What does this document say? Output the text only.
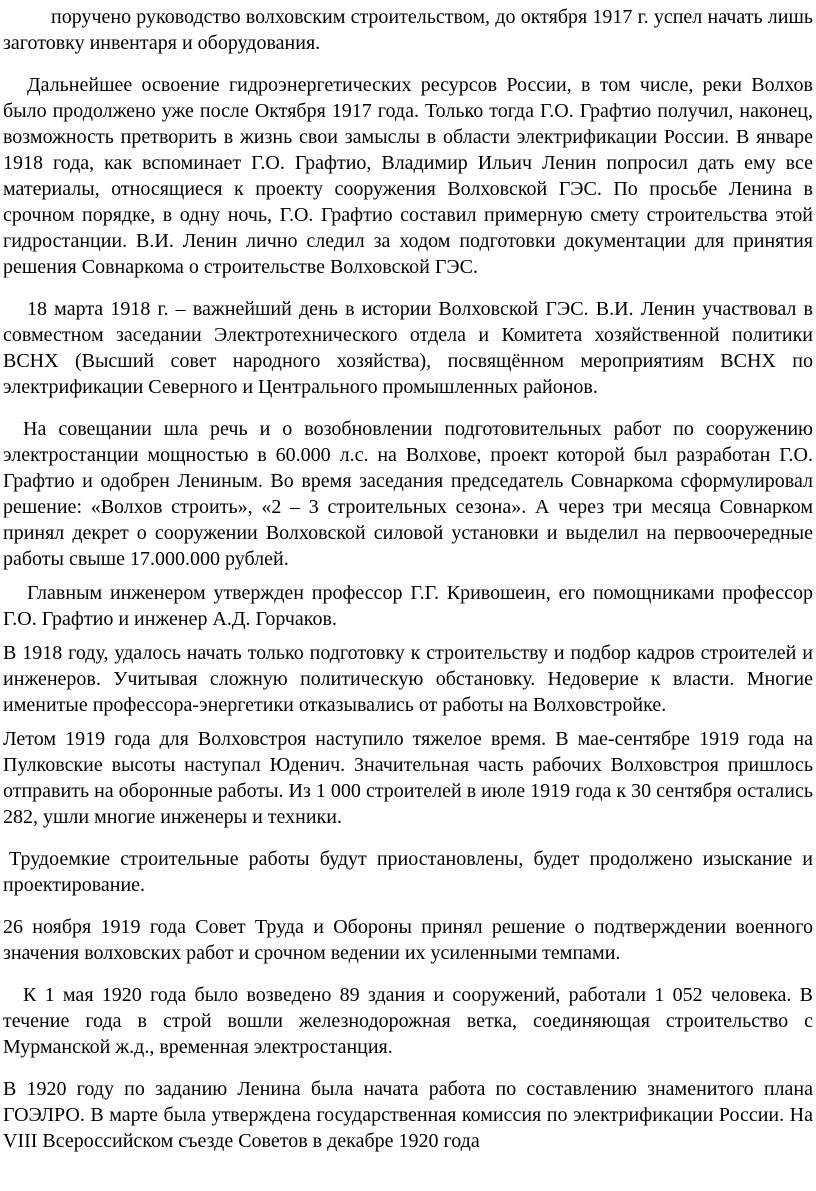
поручено руководство волховским строительством, до октября 1917 г. успел начать лишь заготовку инвентаря и оборудования.

Дальнейшее освоение гидроэнергетических ресурсов России, в том числе, реки Волхов было продолжено уже после Октября 1917 года. Только тогда Г.О. Графтио получил, наконец, возможность претворить в жизнь свои замыслы в области электрификации России. В январе 1918 года, как вспоминает Г.О. Графтио, Владимир Ильич Ленин попросил дать ему все материалы, относящиеся к проекту сооружения Волховской ГЭС. По просьбе Ленина в срочном порядке, в одну ночь, Г.О. Графтио составил примерную смету строительства этой гидростанции. В.И. Ленин лично следил за ходом подготовки документации для принятия решения Совнаркома о строительстве Волховской ГЭС.

18 марта 1918 г. – важнейший день в истории Волховской ГЭС. В.И. Ленин участвовал в совместном заседании Электротехнического отдела и Комитета хозяйственной политики ВСНХ (Высший совет народного хозяйства), посвящённом мероприятиям ВСНХ по электрификации Северного и Центрального промышленных районов.

На совещании шла речь и о возобновлении подготовительных работ по сооружению электростанции мощностью в 60.000 л.с. на Волхове, проект которой был разработан Г.О. Графтио и одобрен Лениным. Во время заседания председатель Совнаркома сформулировал решение: «Волхов строить», «2 – 3 строительных сезона». А через три месяца Совнарком принял декрет о сооружении Волховской силовой установки и выделил на первоочередные работы свыше 17.000.000 рублей.

Главным инженером утвержден профессор Г.Г. Кривошеин, его помощниками профессор Г.О. Графтио и инженер А.Д. Горчаков.

В 1918 году, удалось начать только подготовку к строительству и подбор кадров строителей и инженеров. Учитывая сложную политическую обстановку. Недоверие к власти. Многие именитые профессора-энергетики отказывались от работы на Волховстройке.

Летом 1919 года для Волховстроя наступило тяжелое время. В мае-сентябре 1919 года на Пулковские высоты наступал Юденич. Значительная часть рабочих Волховстроя пришлось отправить на оборонные работы. Из 1 000 строителей в июле 1919 года к 30 сентября остались 282, ушли многие инженеры и техники.

Трудоемкие строительные работы будут приостановлены, будет продолжено изыскание и проектирование.

26 ноября 1919 года Совет Труда и Обороны принял решение о подтверждении военного значения волховских работ и срочном ведении их усиленными темпами.

К 1 мая 1920 года было возведено 89 здания и сооружений, работали 1 052 человека. В течение года в строй вошли железнодорожная ветка, соединяющая строительство с Мурманской ж.д., временная электростанция.

В 1920 году по заданию Ленина была начата работа по составлению знаменитого плана ГОЭЛРО. В марте была утверждена государственная комиссия по электрификации России. На VIII Всероссийском съезде Советов в декабре 1920 года
